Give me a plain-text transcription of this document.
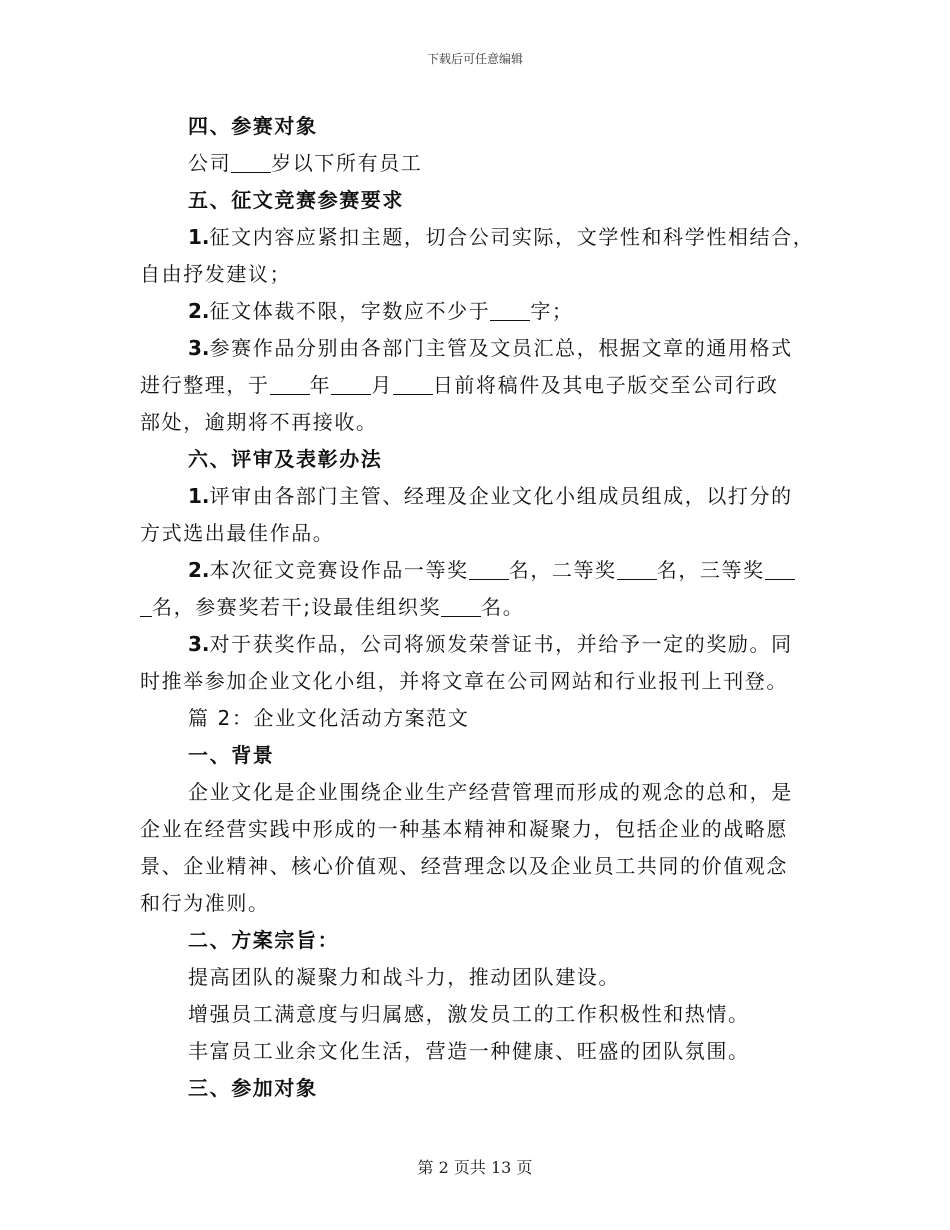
下载后可任意编辑
四、参赛对象
公司 岁以下所有员工
五、征文竞赛参赛要求
1.征文内容应紧扣主题，切合公司实际，文学性和科学性相结合，
自由抒发建议；
2.征文体裁不限，字数应不少于 字；
3.参赛作品分别由各部门主管及文员汇总，根据文章的通用格式
进行整理，于 年 月 日前将稿件及其电子版交至公司行政
部处，逾期将不再接收。
六、评审及表彰办法
1.评审由各部门主管、经理及企业文化小组成员组成，以打分的
方式选出最佳作品。
2.本次征文竞赛设作品一等奖 名，二等奖 名，三等奖
名，参赛奖若干;设最佳组织奖 名。
3.对于获奖作品，公司将颁发荣誉证书，并给予一定的奖励。同
时推举参加企业文化小组，并将文章在公司网站和行业报刊上刊登。
篇 2：企业文化活动方案范文
一、背景
企业文化是企业围绕企业生产经营管理而形成的观念的总和，是
企业在经营实践中形成的一种基本精神和凝聚力，包括企业的战略愿
景、企业精神、核心价值观、经营理念以及企业员工共同的价值观念
和行为准则。
二、方案宗旨：
提高团队的凝聚力和战斗力，推动团队建设。
增强员工满意度与归属感，激发员工的工作积极性和热情。
丰富员工业余文化生活，营造一种健康、旺盛的团队氛围。
三、参加对象
第 2 页共 13 页
